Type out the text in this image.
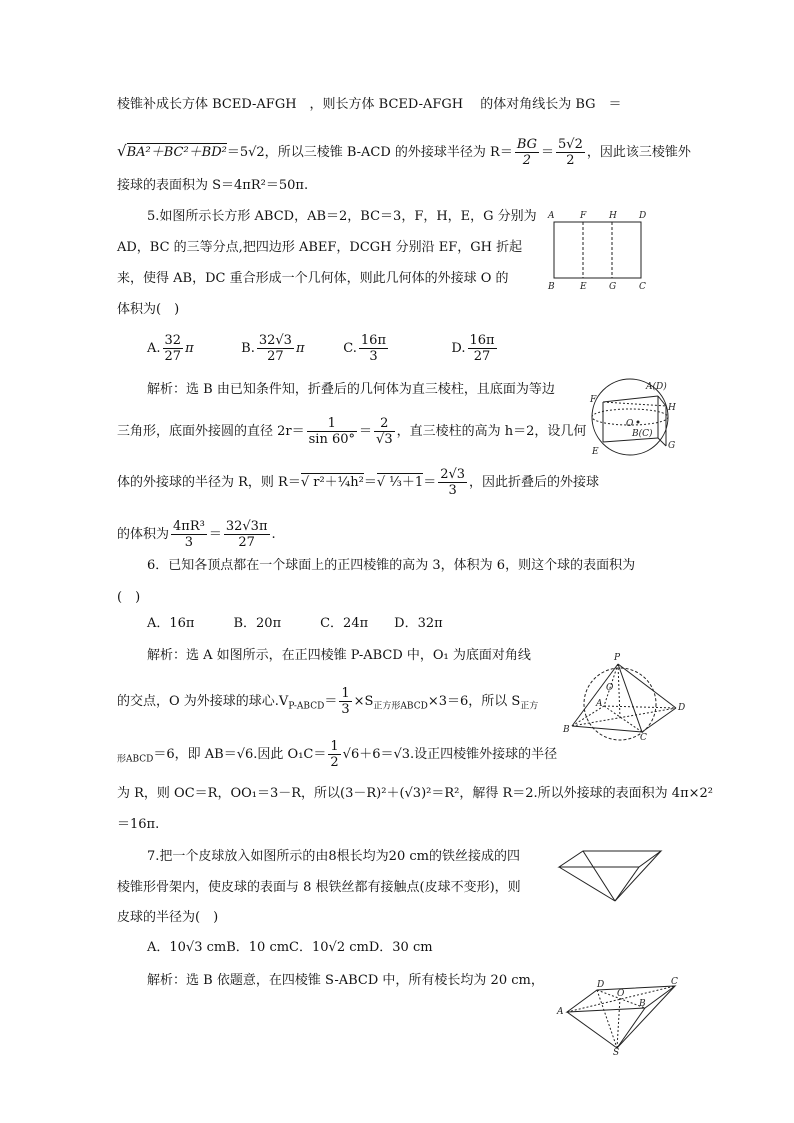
棱锥补成长方体 BCED-AFGH　，则长方体 BCED-AFGH　 的体对角线长为 BG　＝
√BA²＋BC²＋BD²＝5√2，所以三棱锥 B-ACD 的外接球半径为 $R= \frac{BG}{2} = \frac{5√2}{2}$ ，因此该三棱锥外
接球的表面积为 S＝4πR²＝50π.
5.如图所示长方形 ABCD，AB＝2，BC＝3，F，H，E，G 分别为
AD，BC 的三等分点,把四边形 ABEF，DCGH 分别沿 EF，GH 折起
来，使得 AB，DC 重合形成一个几何体，则此几何体的外接球 O 的
体积为(　)
A. $\frac{32}{27}$ π	B. $\frac{32√3}{27}$ π	C. $\frac{16\pi}{3}$	D. $\frac{16\pi}{27}$
解析：选 B 由已知条件知，折叠后的几何体为直三棱柱，且底面为等边
三角形，底面外接圆的直径 $2r= \frac{1}{\sin 60^\circ} = \frac{2}{√3}$ ，直三棱柱的高为 h＝2，设几何
体的外接球的半径为 R，则 R＝√ r²＋¼h²＝√ ⅓＋1＝ $\frac{2√3}{3}$ ，因此折叠后的外接球
的体积为 $\frac{\text{4πR³}}{3} = \frac{32√3\pi}{27}$ .
6．已知各顶点都在一个球面上的正四棱锥的高为 3，体积为 6，则这个球的表面积为
(　)
A．16π　　　B．20π　　　C．24π　　D．32π
解析：选 A 如图所示，在正四棱锥 P-ABCD 中，O₁ 为底面对角线
的交点，O 为外接球的球心$.V_{P-ABCD}= \frac{1}{3} \times S_{正方形ABCD}\times 3=6$，所以 $S_{正方}$
$_{形ABCD}$＝6，即 AB＝√6.因此 $O_1C= \frac{1}{2} √6+6=√3$.设正四棱锥外接球的半径
为 R，则 OC＝R，OO₁＝3－R，所以(3－R)²＋(√3)²＝R²，解得 R＝2.所以外接球的表面积为 4π×2²
＝16π.
7.把一个皮球放入如图所示的由8根长均为20 cm的铁丝接成的四
棱锥形骨架内，使皮球的表面与 8 根铁丝都有接触点(皮球不变形)，则
皮球的半径为(　)
A．10√3 cmB．10 cmC．10√2 cmD．30 cm
解析：选 B 依题意，在四棱锥 S-ABCD 中，所有棱长均为 20 cm，
A	F	H D
B	E G	C
A(D)
F
H
O
B(C)
E
G
P
O
A
B
C
D
D	C
O
B
A
S
